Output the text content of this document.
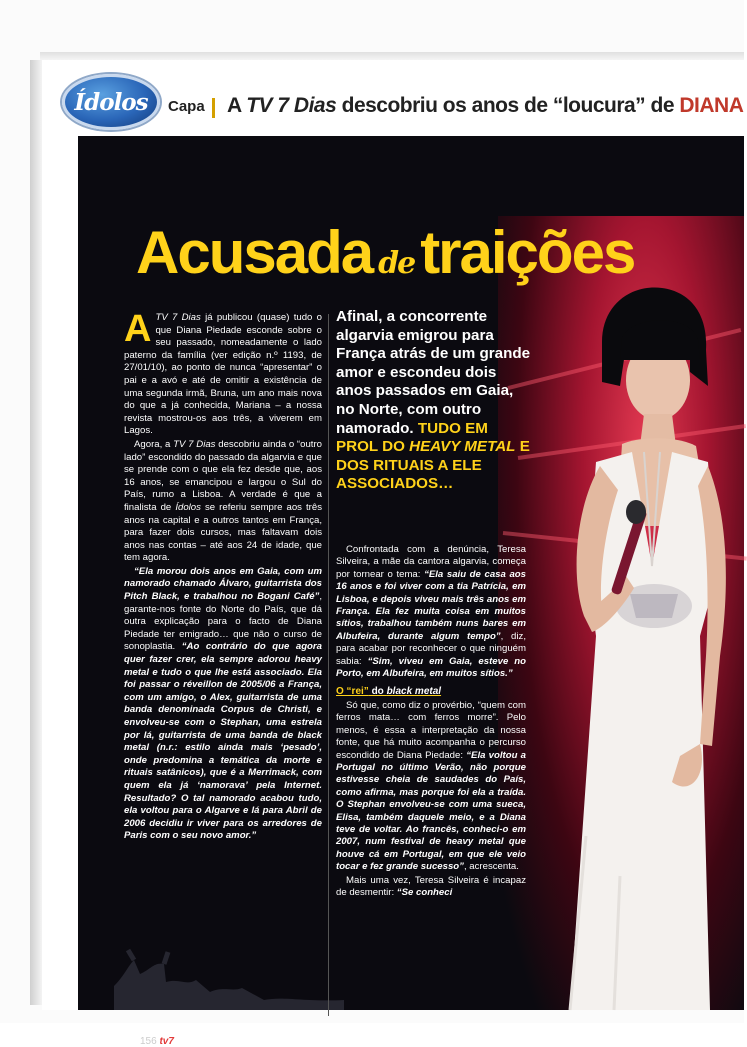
Ídolos	Capa A TV 7 Dias descobriu os anos de “loucura” de DIANA
Acusada de traições

ATV 7 Dias já publicou (quase) tudo o que Diana Piedade esconde sobre o seu passado, nomeadamente o lado paterno da família (ver edição n.º 1193, de 27/01/10), ao ponto de nunca “apresentar” o pai e a avó e até de omitir a existência de uma segunda irmã, Bruna, um ano mais nova do que a já conhecida, Mariana – a nossa revista mostrou-os aos três, a viverem em Lagos.

Agora, a TV 7 Dias descobriu ainda o “outro lado” escondido do passado da algarvia e que se prende com o que ela fez desde que, aos 16 anos, se emancipou e largou o Sul do País, rumo a Lisboa. A verdade é que a finalista de Ídolos se referiu sempre aos três anos na capital e a outros tantos em França, para fazer dois cursos, mas faltavam dois anos nas contas – até aos 24 de idade, que tem agora.

“Ela morou dois anos em Gaia, com um namorado chamado Álvaro, guitarrista dos Pitch Black, e trabalhou no Bogani Café”, garante-nos fonte do Norte do País, que dá outra explicação para o facto de Diana Piedade ter emigrado… que não o curso de sonoplastia. “Ao contrário do que agora quer fazer crer, ela sempre adorou heavy metal e tudo o que lhe está associado. Ela foi passar o réveillon de 2005/06 a França, com um amigo, o Alex, guitarrista de uma banda denominada Corpus de Christi, e envolveu-se com o Stephan, uma estrela por lá, guitarrista de uma banda de black metal (n.r.: estilo ainda mais ‘pesado’, onde predomina a temática da morte e rituais satânicos), que é a Merrimack, com quem ela já ‘namorava’ pela Internet. Resultado? O tal namorado acabou tudo, ela voltou para o Algarve e lá para Abril de 2006 decidiu ir viver para os arredores de Paris com o seu novo amor.”

Afinal, a concorrente algarvia emigrou para França atrás de um grande amor e escondeu dois anos passados em Gaia, no Norte, com outro namorado. TUDO EM PROL DO HEAVY METAL E DOS RITUAIS A ELE ASSOCIADOS…

Confrontada com a denúncia, Teresa Silveira, a mãe da cantora algarvia, começa por tornear o tema: “Ela saiu de casa aos 16 anos e foi viver com a tia Patrícia, em Lisboa, e depois viveu mais três anos em França. Ela fez muita coisa em muitos sítios, trabalhou também nuns bares em Albufeira, durante algum tempo”, diz, para acabar por reconhecer o que ninguém sabia: “Sim, viveu em Gaia, esteve no Porto, em Albufeira, em muitos sítios.”

O “rei” do black metal

Só que, como diz o provérbio, “quem com ferros mata… com ferros morre”. Pelo menos, é essa a interpretação da nossa fonte, que há muito acompanha o percurso escondido de Diana Piedade: “Ela voltou a Portugal no último Verão, não porque estivesse cheia de saudades do País, como afirma, mas porque foi ela a traída. O Stephan envolveu-se com uma sueca, Elisa, também daquele meio, e a Diana teve de voltar. Ao francês, conheci-o em 2007, num festival de heavy metal que houve cá em Portugal, em que ele veio tocar e fez grande sucesso”, acrescenta.

Mais uma vez, Teresa Silveira é incapaz de desmentir: “Se conheci

156 tv7
